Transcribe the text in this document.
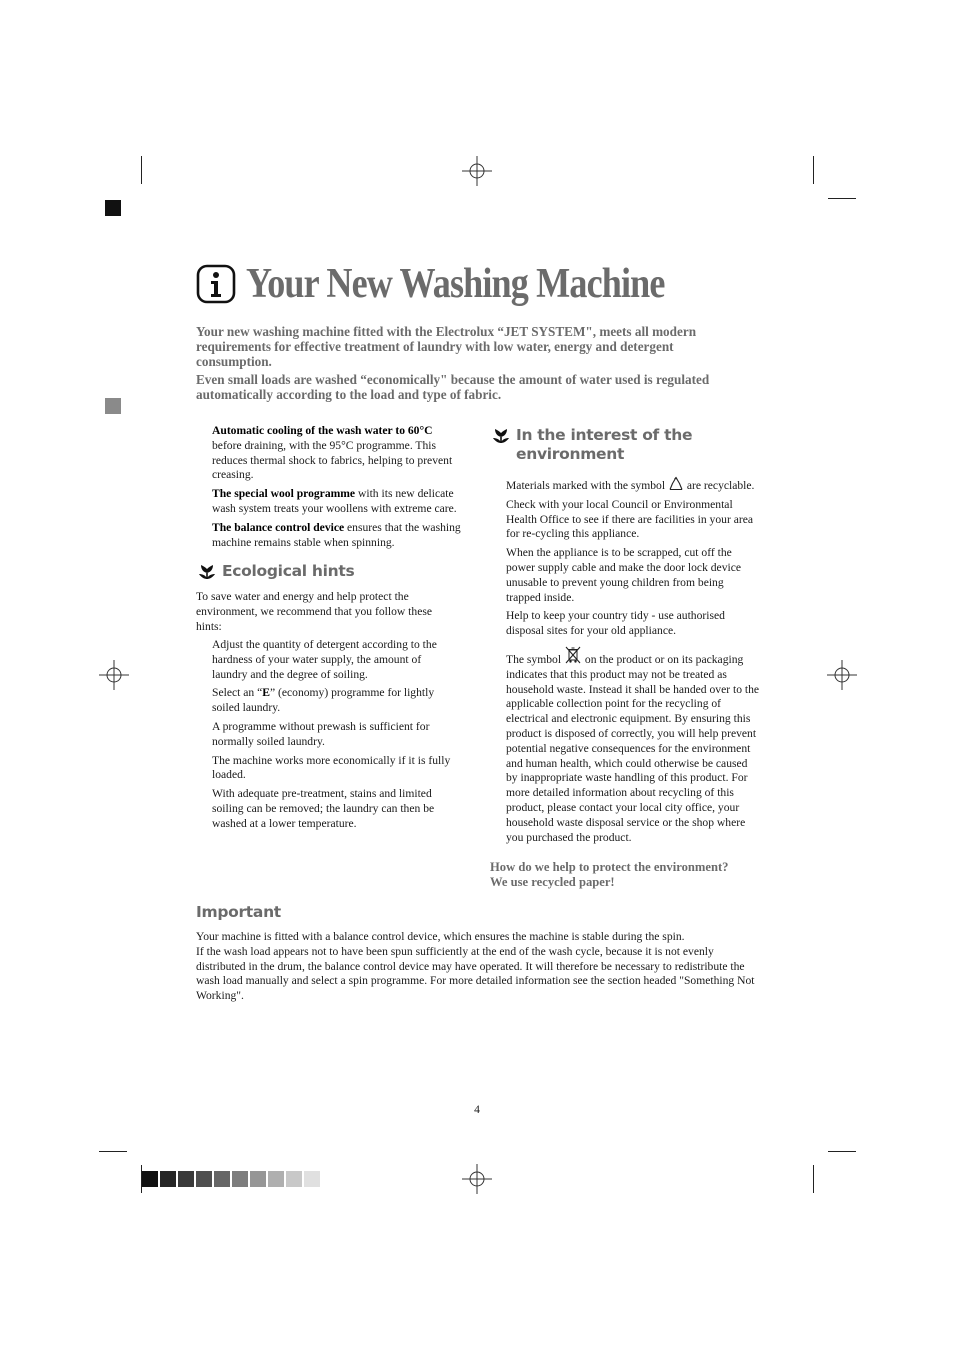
Your New Washing Machine
Your new washing machine fitted with the Electrolux “JET SYSTEM", meets all modern requirements for effective treatment of laundry with low water, energy and detergent consumption.
Even small loads are washed “economically" because the amount of water used is regulated automatically according to the load and type of fabric.

Automatic cooling of the wash water to 60°C before draining, with the 95°C programme. This reduces thermal shock to fabrics, helping to prevent creasing.

The special wool programme with its new delicate wash system treats your woollens with extreme care.

The balance control device ensures that the washing machine remains stable when spinning.

Ecological hints
To save water and energy and help protect the environment, we recommend that you follow these hints:

Adjust the quantity of detergent according to the hardness of your water supply, the amount of laundry and the degree of soiling.

Select an “E” (economy) programme for lightly soiled laundry.

A programme without prewash is sufficient for normally soiled laundry.

The machine works more economically if it is fully loaded.

With adequate pre-treatment, stains and limited soiling can be removed; the laundry can then be washed at a lower temperature.

In the interest of the
environment

Materials marked with the symbol are recyclable.

Check with your local Council or Environmental Health Office to see if there are facilities in your area for re-cycling this appliance.

When the appliance is to be scrapped, cut off the power supply cable and make the door lock device unusable to prevent young children from being trapped inside.

Help to keep your country tidy - use authorised disposal sites for your old appliance.

The symbol on the product or on its packaging indicates that this product may not be treated as household waste. Instead it shall be handed over to the applicable collection point for the recycling of electrical and electronic equipment. By ensuring this product is disposed of correctly, you will help prevent potential negative consequences for the environment and human health, which could otherwise be caused by inappropriate waste handling of this product. For more detailed information about recycling of this product, please contact your local city office, your household waste disposal service or the shop where you purchased the product.

How do we help to protect the environment?
We use recycled paper!
Important
Your machine is fitted with a balance control device, which ensures the machine is stable during the spin.
If the wash load appears not to have been spun sufficiently at the end of the wash cycle, because it is not evenly distributed in the drum, the balance control device may have operated. It will therefore be necessary to redistribute the wash load manually and select a spin programme. For more detailed information see the section headed "Something Not Working".
4
